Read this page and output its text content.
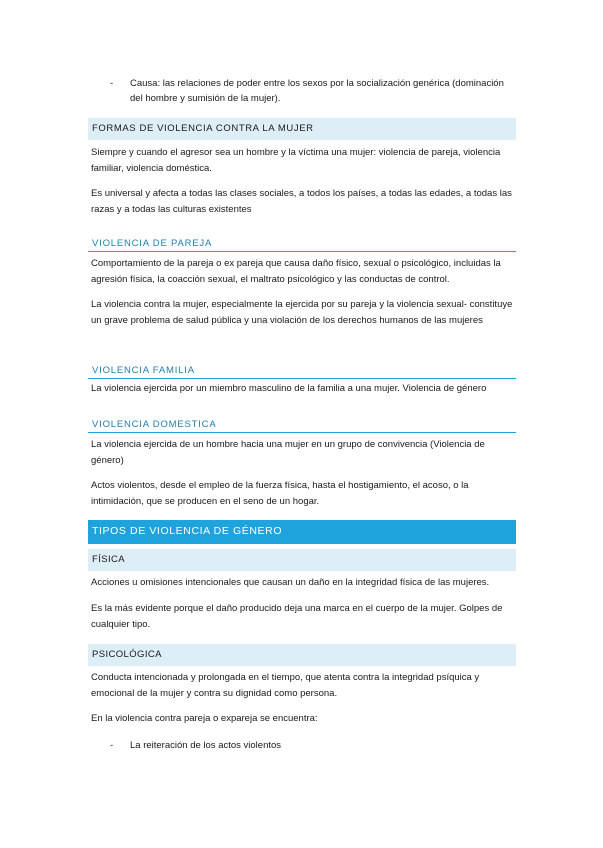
- Causa: las relaciones de poder entre los sexos por la socialización genérica (dominación del hombre y sumisión de la mujer).
FORMAS DE VIOLENCIA CONTRA LA MUJER

Siempre y cuando el agresor sea un hombre y la víctima una mujer: violencia de pareja, violencia familiar, violencia doméstica.

Es universal y afecta a todas las clases sociales, a todos los países, a todas las edades, a todas las razas y a todas las culturas existentes

VIOLENCIA DE PAREJA

Comportamiento de la pareja o ex pareja que causa daño físico, sexual o psicológico, incluidas la agresión física, la coacción sexual, el maltrato psicológico y las conductas de control.

La violencia contra la mujer, especialmente la ejercida por su pareja y la violencia sexual- constituye un grave problema de salud pública y una violación de los derechos humanos de las mujeres

VIOLENCIA FAMILIA

La violencia ejercida por un miembro masculino de la familia a una mujer. Violencia de género

VIOLENCIA DOMESTICA

La violencia ejercida de un hombre hacia una mujer en un grupo de convivencia (Violencia de género)

Actos violentos, desde el empleo de la fuerza física, hasta el hostigamiento, el acoso, o la intimidación, que se producen en el seno de un hogar.

TIPOS DE VIOLENCIA DE GÉNERO
FÍSICA

Acciones u omisiones intencionales que causan un daño en la integridad física de las mujeres.

Es la más evidente porque el daño producido deja una marca en el cuerpo de la mujer. Golpes de cualquier tipo.

PSICOLÓGICA

Conducta intencionada y prolongada en el tiempo, que atenta contra la integridad psíquica y emocional de la mujer y contra su dignidad como persona.

En la violencia contra pareja o expareja se encuentra:

- La reiteración de los actos violentos
